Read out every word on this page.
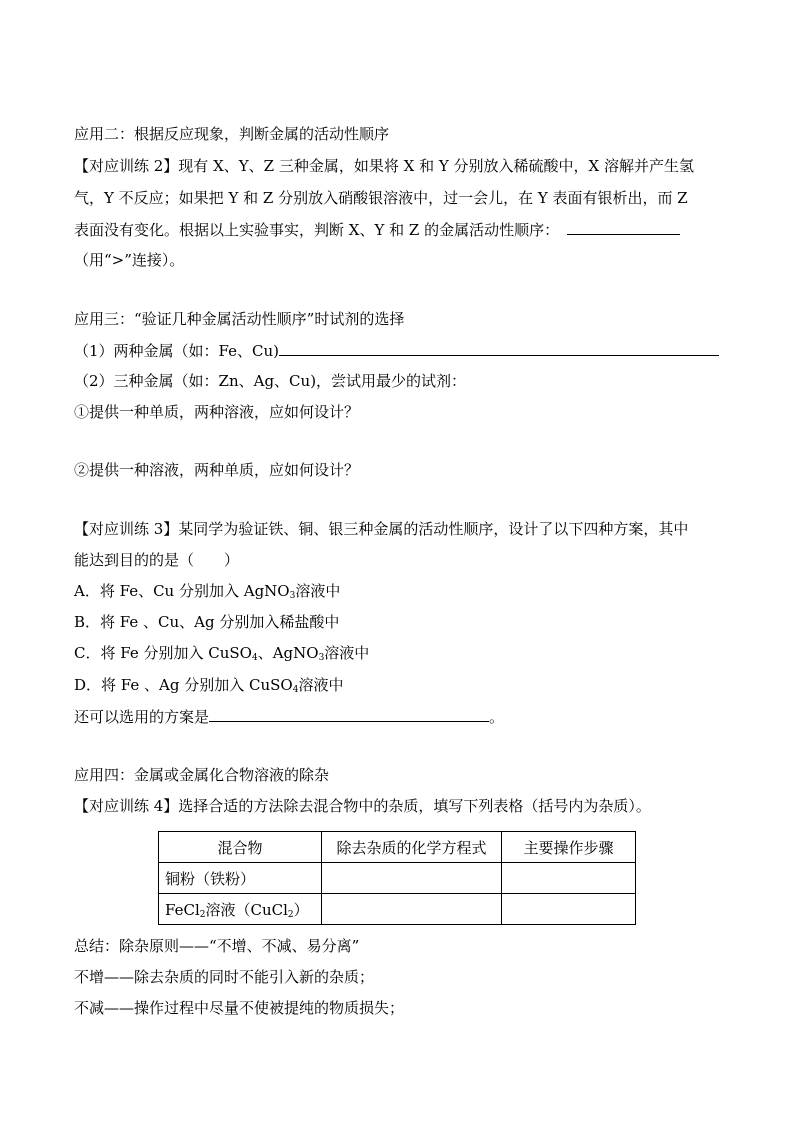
应用二：根据反应现象，判断金属的活动性顺序
【对应训练 2】现有 X、Y、Z 三种金属，如果将 X 和 Y 分别放入稀硫酸中，X 溶解并产生氢
气，Y 不反应；如果把 Y 和 Z 分别放入硝酸银溶液中，过一会儿，在 Y 表面有银析出，而 Z
表面没有变化。根据以上实验事实，判断 X、Y 和 Z 的金属活动性顺序：
（用“>”连接）。
应用三：“验证几种金属活动性顺序”时试剂的选择
（1）两种金属（如：Fe、Cu)
（2）三种金属（如：Zn、Ag、Cu)，尝试用最少的试剂：
①提供一种单质，两种溶液，应如何设计？
②提供一种溶液，两种单质，应如何设计？
【对应训练 3】某同学为验证铁、铜、银三种金属的活动性顺序，设计了以下四种方案，其中
能达到目的的是（　　）
A．将 Fe、Cu 分别加入 AgNO$_3$溶液中
B．将 Fe 、Cu、Ag 分别加入稀盐酸中
C．将 Fe 分别加入 CuSO$_4$、AgNO$_3$溶液中
D．将 Fe 、Ag 分别加入 CuSO$_4$溶液中
还可以选用的方案是	。
应用四：金属或金属化合物溶液的除杂
【对应训练 4】选择合适的方法除去混合物中的杂质，填写下列表格（括号内为杂质）。
混合物	除去杂质的化学方程式	主要操作步骤
铜粉（铁粉）		
FeCl$_2$溶液（CuCl$_2$）		
总结：除杂原则——“不增、不减、易分离”
不增——除去杂质的同时不能引入新的杂质；
不减——操作过程中尽量不使被提纯的物质损失；
